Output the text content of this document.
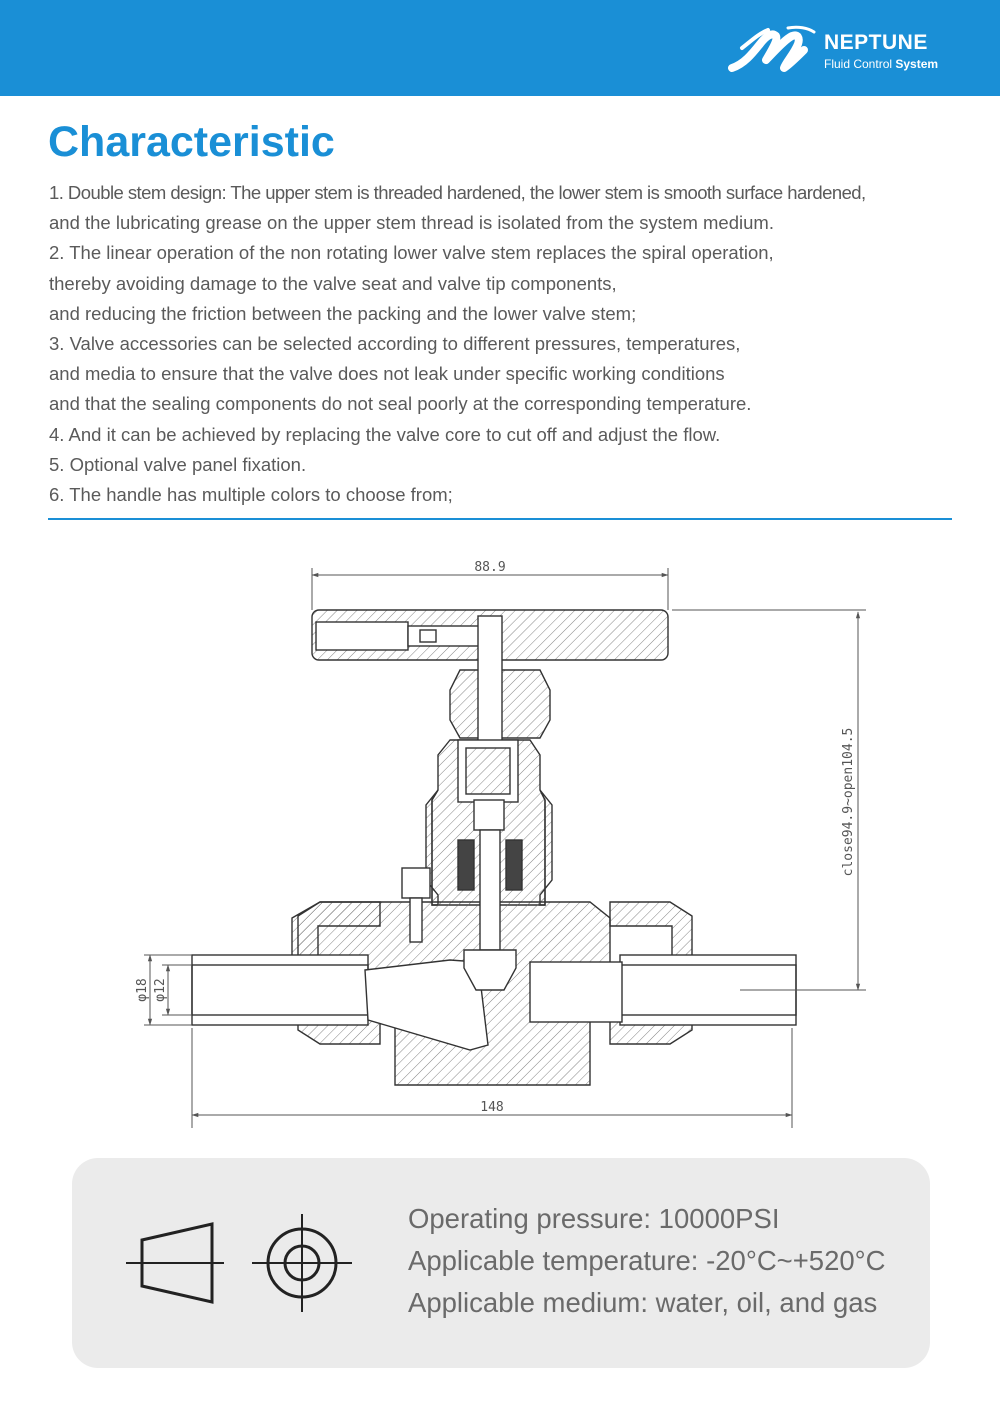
NEPTUNE
Fluid Control System
Characteristic
1. Double stem design: The upper stem is threaded hardened, the lower stem is smooth surface hardened,
and the lubricating grease on the upper stem thread is isolated from the system medium.
2. The linear operation of the non rotating lower valve stem replaces the spiral operation,
thereby avoiding damage to the valve seat and valve tip components,
and reducing the friction between the packing and the lower valve stem;
3. Valve accessories can be selected according to different pressures, temperatures,
and media to ensure that the valve does not leak under specific working conditions
and that the sealing components do not seal poorly at the corresponding temperature.
4. And it can be achieved by replacing the valve core to cut off and adjust the flow.
5. Optional valve panel fixation.
6. The handle has multiple colors to choose from;
88.9
close94.9~open104.5
148
φ18 φ12
Operating pressure: 10000PSI
Applicable temperature: -20°C~+520°C
Applicable medium: water, oil, and gas
